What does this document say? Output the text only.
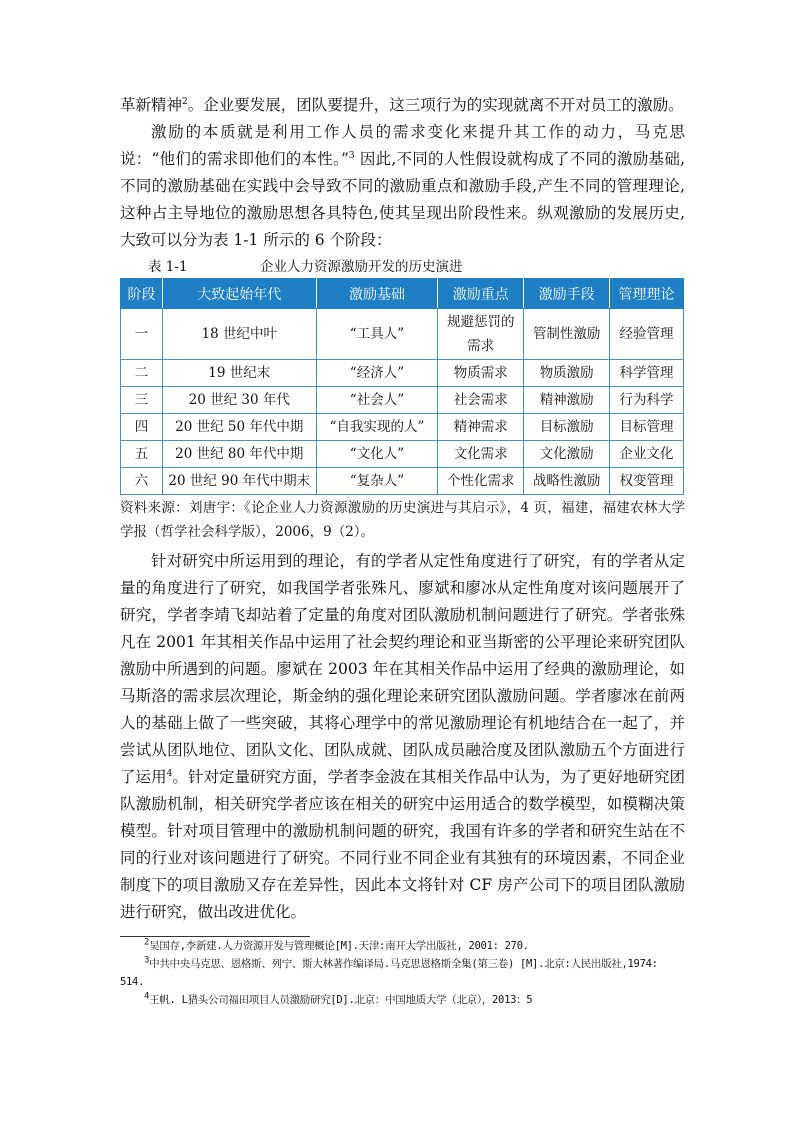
革新精神$^2$。企业要发展，团队要提升，这三项行为的实现就离不开对员工的激励。

激励的本质就是利用工作人员的需求变化来提升其工作的动力，马克思说：“他们的需求即他们的本性。”$^3$ 因此,不同的人性假设就构成了不同的激励基础,不同的激励基础在实践中会导致不同的激励重点和激励手段,产生不同的管理理论,这种占主导地位的激励思想各具特色,使其呈现出阶段性来。纵观激励的发展历史,大致可以分为表 1-1 所示的 6 个阶段：

表 1-1	企业人力资源激励开发的历史演进
阶段	大致起始年代	激励基础	激励重点	激励手段	管理理论
一	18 世纪中叶	“工具人”	规避惩罚的需求	管制性激励	经验管理
二	19 世纪末	“经济人”	物质需求	物质激励	科学管理
三	20 世纪 30 年代	“社会人”	社会需求	精神激励	行为科学
四	20 世纪 50 年代中期	“自我实现的人”	精神需求	目标激励	目标管理
五	20 世纪 80 年代中期	“文化人”	文化需求	文化激励	企业文化
六	20 世纪 90 年代中期末	“复杂人”	个性化需求	战略性激励	权变管理

资料来源：刘唐宇：《论企业人力资源激励的历史演进与其启示》，4 页，福建，福建农林大学学报（哲学社会科学版），2006，9（2）。

针对研究中所运用到的理论，有的学者从定性角度进行了研究，有的学者从定量的角度进行了研究，如我国学者张殊凡、廖斌和廖冰从定性角度对该问题展开了研究，学者李靖飞却站着了定量的角度对团队激励机制问题进行了研究。学者张殊凡在 2001 年其相关作品中运用了社会契约理论和亚当斯密的公平理论来研究团队激励中所遇到的问题。廖斌在 2003 年在其相关作品中运用了经典的激励理论，如马斯洛的需求层次理论，斯金纳的强化理论来研究团队激励问题。学者廖冰在前两人的基础上做了一些突破，其将心理学中的常见激励理论有机地结合在一起了，并尝试从团队地位、团队文化、团队成就、团队成员融洽度及团队激励五个方面进行了运用$^4$。针对定量研究方面，学者李金波在其相关作品中认为，为了更好地研究团队激励机制，相关研究学者应该在相关的研究中运用适合的数学模型，如模糊决策模型。针对项目管理中的激励机制问题的研究，我国有许多的学者和研究生站在不同的行业对该问题进行了研究。不同行业不同企业有其独有的环境因素，不同企业制度下的项目激励又存在差异性，因此本文将针对 CF 房产公司下的项目团队激励进行研究，做出改进优化。

$^2$吴国存,李新建.人力资源开发与管理概论[M].天津:南开大学出版社, 2001: 270.

$^3$中共中央马克思、恩格斯、列宁、斯大林著作编译局.马克思恩格斯全集(第三卷) [M].北京:人民出版社,1974: 514.

$^4$王帆. L猎头公司福田项目人员激励研究[D].北京：中国地质大学（北京），2013：5
